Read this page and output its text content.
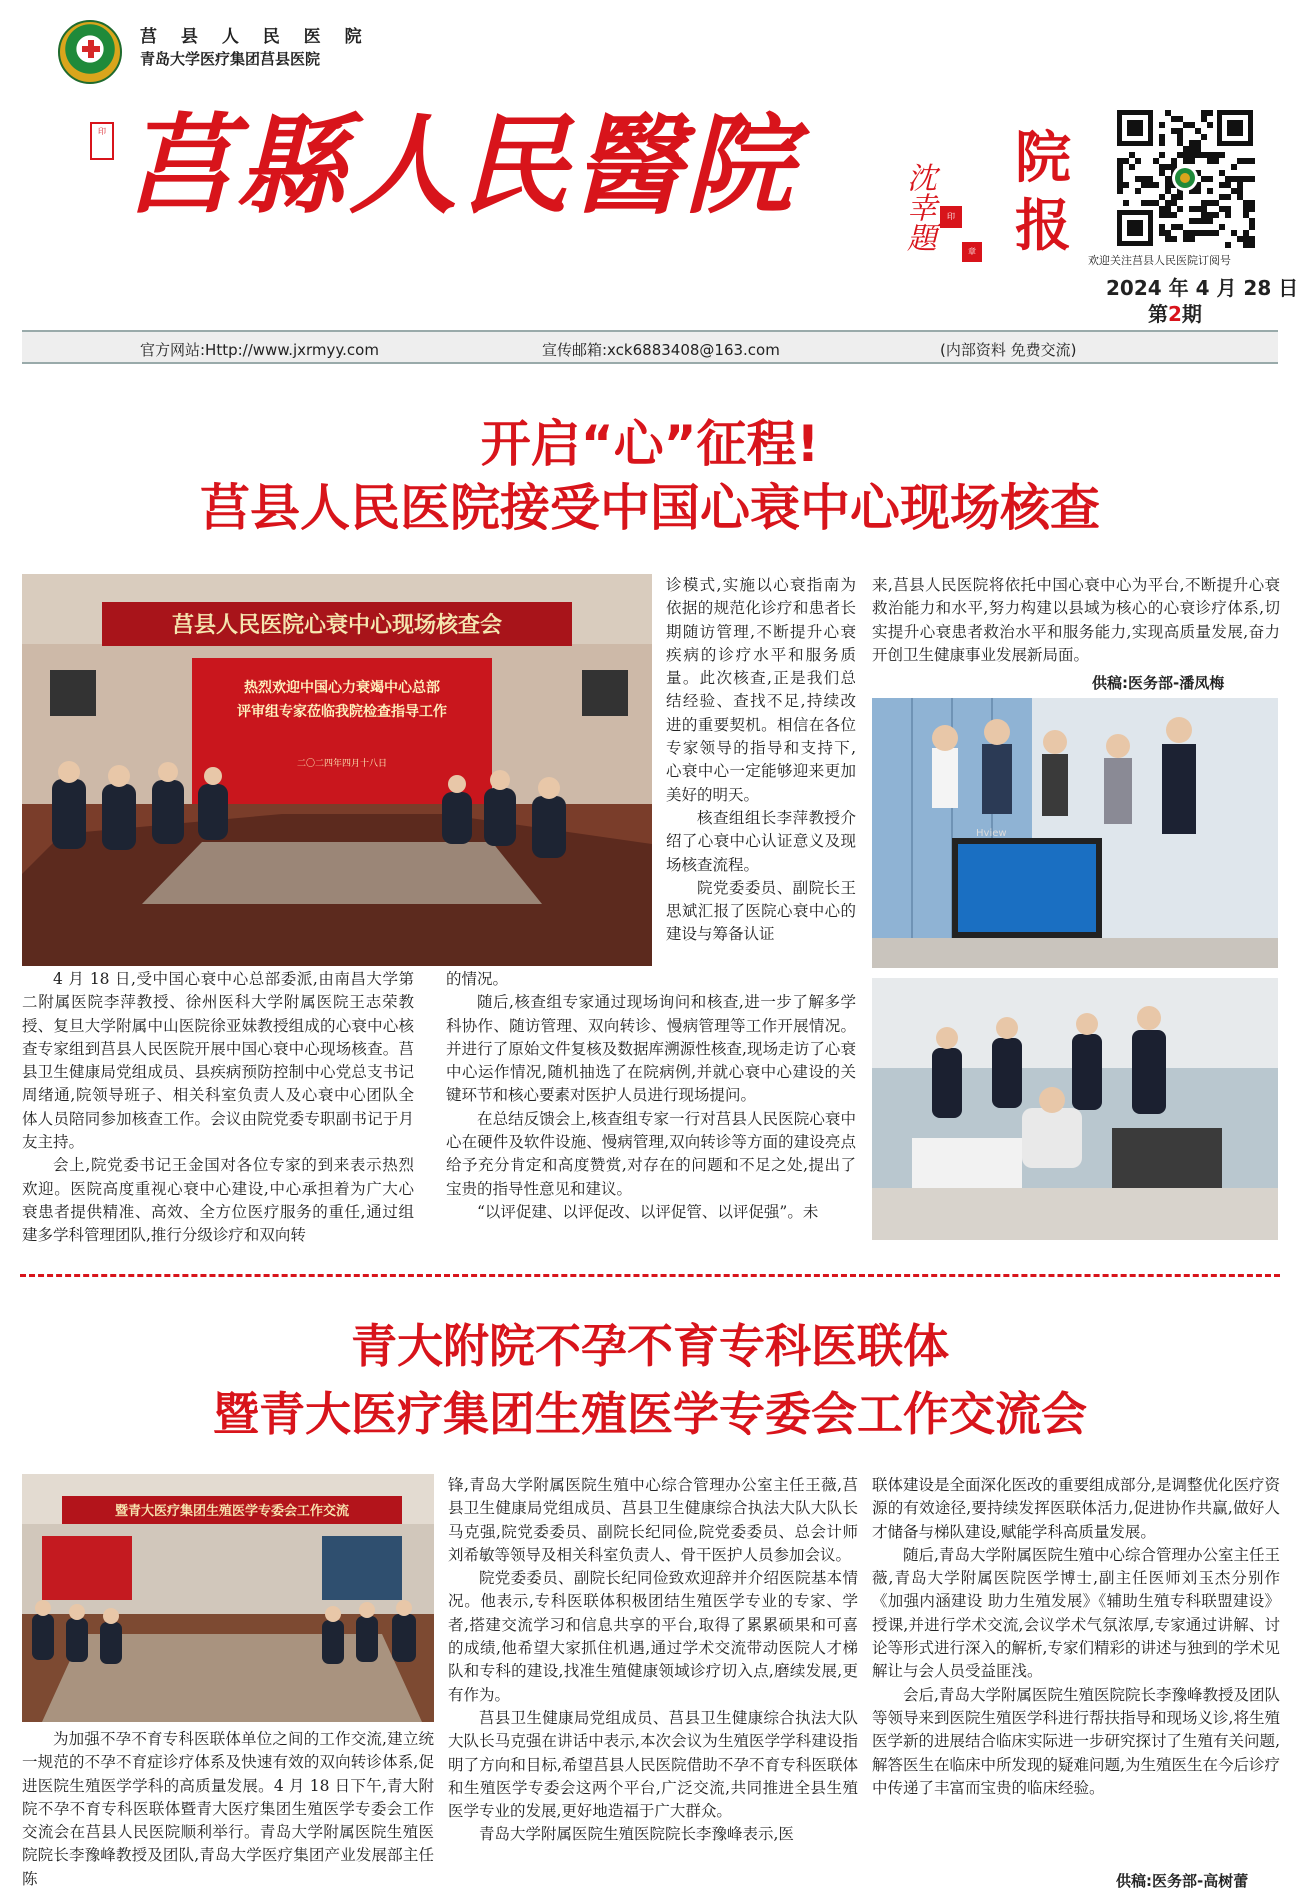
莒 县 人 民 医 院
青岛大学医疗集团莒县医院
印 莒縣人民醫院	沈幸題	印
章
院报
欢迎关注莒县人民医院订阅号
2024 年 4 月 28 日
第2期
官方网站:Http://www.jxrmyy.com	宣传邮箱:xck6883408@163.com	(内部资料 免费交流)
开启“心”征程!
莒县人民医院接受中国心衰中心现场核查
莒县人民医院心衰中心现场核查会
热烈欢迎中国心力衰竭中心总部
评审组专家莅临我院检查指导工作
二〇二四年四月十八日

4 月 18 日,受中国心衰中心总部委派,由南昌大学第二附属医院李萍教授、徐州医科大学附属医院王志荣教授、复旦大学附属中山医院徐亚妹教授组成的心衰中心核查专家组到莒县人民医院开展中国心衰中心现场核查。莒县卫生健康局党组成员、县疾病预防控制中心党总支书记周绪通,院领导班子、相关科室负责人及心衰中心团队全体人员陪同参加核查工作。会议由院党委专职副书记于月友主持。

会上,院党委书记王金国对各位专家的到来表示热烈欢迎。医院高度重视心衰中心建设,中心承担着为广大心衰患者提供精准、高效、全方位医疗服务的重任,通过组建多学科管理团队,推行分级诊疗和双向转

诊模式,实施以心衰指南为依据的规范化诊疗和患者长期随访管理,不断提升心衰疾病的诊疗水平和服务质量。此次核查,正是我们总结经验、查找不足,持续改进的重要契机。相信在各位专家领导的指导和支持下,心衰中心一定能够迎来更加美好的明天。

核查组组长李萍教授介绍了心衰中心认证意义及现场核查流程。

院党委委员、副院长王思斌汇报了医院心衰中心的建设与筹备认证

的情况。

随后,核查组专家通过现场询问和核查,进一步了解多学科协作、随访管理、双向转诊、慢病管理等工作开展情况。并进行了原始文件复核及数据库溯源性核查,现场走访了心衰中心运作情况,随机抽选了在院病例,并就心衰中心建设的关键环节和核心要素对医护人员进行现场提问。

在总结反馈会上,核查组专家一行对莒县人民医院心衰中心在硬件及软件设施、慢病管理,双向转诊等方面的建设亮点给予充分肯定和高度赞赏,对存在的问题和不足之处,提出了宝贵的指导性意见和建议。

“以评促建、以评促改、以评促管、以评促强”。未

来,莒县人民医院将依托中国心衰中心为平台,不断提升心衰救治能力和水平,努力构建以县域为核心的心衰诊疗体系,切实提升心衰患者救治水平和服务能力,实现高质量发展,奋力开创卫生健康事业发展新局面。

供稿:医务部-潘凤梅
Hview
青大附院不孕不育专科医联体
暨青大医疗集团生殖医学专委会工作交流会
暨青大医疗集团生殖医学专委会工作交流

为加强不孕不育专科医联体单位之间的工作交流,建立统一规范的不孕不育症诊疗体系及快速有效的双向转诊体系,促进医院生殖医学学科的高质量发展。4 月 18 日下午,青大附院不孕不育专科医联体暨青大医疗集团生殖医学专委会工作交流会在莒县人民医院顺利举行。青岛大学附属医院生殖医院院长李豫峰教授及团队,青岛大学医疗集团产业发展部主任陈

锋,青岛大学附属医院生殖中心综合管理办公室主任王薇,莒县卫生健康局党组成员、莒县卫生健康综合执法大队大队长马克强,院党委委员、副院长纪同俭,院党委委员、总会计师刘希敏等领导及相关科室负责人、骨干医护人员参加会议。

院党委委员、副院长纪同俭致欢迎辞并介绍医院基本情况。他表示,专科医联体积极团结生殖医学专业的专家、学者,搭建交流学习和信息共享的平台,取得了累累硕果和可喜的成绩,他希望大家抓住机遇,通过学术交流带动医院人才梯队和专科的建设,找准生殖健康领域诊疗切入点,磨续发展,更有作为。

莒县卫生健康局党组成员、莒县卫生健康综合执法大队大队长马克强在讲话中表示,本次会议为生殖医学学科建设指明了方向和目标,希望莒县人民医院借助不孕不育专科医联体和生殖医学专委会这两个平台,广泛交流,共同推进全县生殖医学专业的发展,更好地造福于广大群众。

青岛大学附属医院生殖医院院长李豫峰表示,医

联体建设是全面深化医改的重要组成部分,是调整优化医疗资源的有效途径,要持续发挥医联体活力,促进协作共赢,做好人才储备与梯队建设,赋能学科高质量发展。

随后,青岛大学附属医院生殖中心综合管理办公室主任王薇,青岛大学附属医院医学博士,副主任医师刘玉杰分别作《加强内涵建设 助力生殖发展》《辅助生殖专科联盟建设》授课,并进行学术交流,会议学术气氛浓厚,专家通过讲解、讨论等形式进行深入的解析,专家们精彩的讲述与独到的学术见解让与会人员受益匪浅。

会后,青岛大学附属医院生殖医院院长李豫峰教授及团队等领导来到医院生殖医学科进行帮扶指导和现场义诊,将生殖医学新的进展结合临床实际进一步研究探讨了生殖有关问题,解答医生在临床中所发现的疑难问题,为生殖医生在今后诊疗中传递了丰富而宝贵的临床经验。

供稿:医务部-高树蕾
